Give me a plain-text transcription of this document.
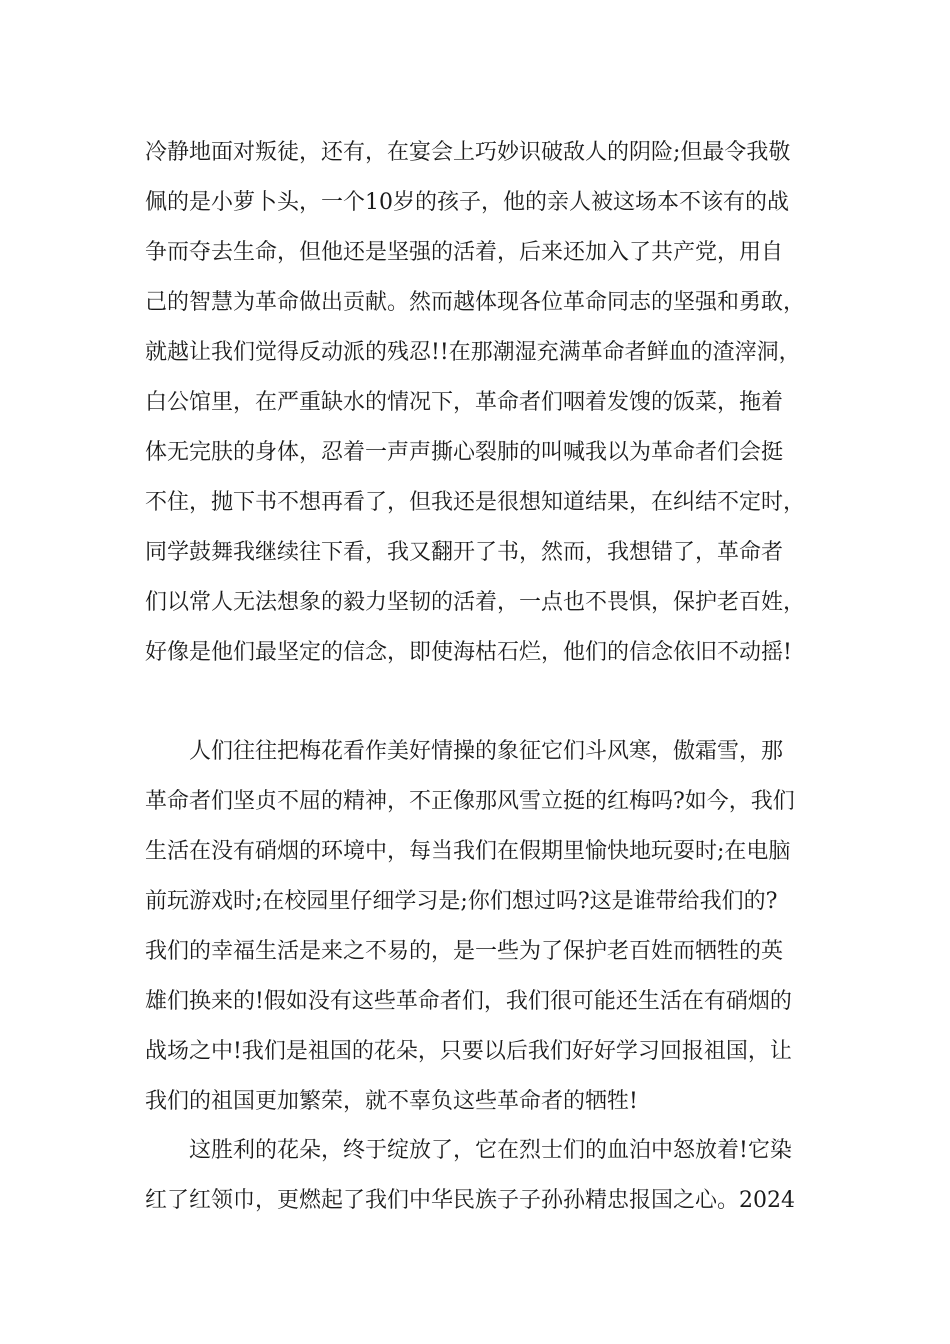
冷静地面对叛徒，还有，在宴会上巧妙识破敌人的阴险;但最令我敬
佩的是小萝卜头，一个10岁的孩子，他的亲人被这场本不该有的战
争而夺去生命，但他还是坚强的活着，后来还加入了共产党，用自
己的智慧为革命做出贡献。然而越体现各位革命同志的坚强和勇敢，
就越让我们觉得反动派的残忍!!在那潮湿充满革命者鲜血的渣滓洞，
白公馆里，在严重缺水的情况下，革命者们咽着发馊的饭菜，拖着
体无完肤的身体，忍着一声声撕心裂肺的叫喊我以为革命者们会挺
不住，抛下书不想再看了，但我还是很想知道结果，在纠结不定时，
同学鼓舞我继续往下看，我又翻开了书，然而，我想错了，革命者
们以常人无法想象的毅力坚韧的活着，一点也不畏惧，保护老百姓，
好像是他们最坚定的信念，即使海枯石烂，他们的信念依旧不动摇!
人们往往把梅花看作美好情操的象征它们斗风寒，傲霜雪，那
革命者们坚贞不屈的精神，不正像那风雪立挺的红梅吗?如今，我们
生活在没有硝烟的环境中，每当我们在假期里愉快地玩耍时;在电脑
前玩游戏时;在校园里仔细学习是;你们想过吗?这是谁带给我们的?
我们的幸福生活是来之不易的，是一些为了保护老百姓而牺牲的英
雄们换来的!假如没有这些革命者们，我们很可能还生活在有硝烟的
战场之中!我们是祖国的花朵，只要以后我们好好学习回报祖国，让
我们的祖国更加繁荣，就不辜负这些革命者的牺牲!
这胜利的花朵，终于绽放了，它在烈士们的血泊中怒放着!它染
红了红领巾，更燃起了我们中华民族子子孙孙精忠报国之心。2024
